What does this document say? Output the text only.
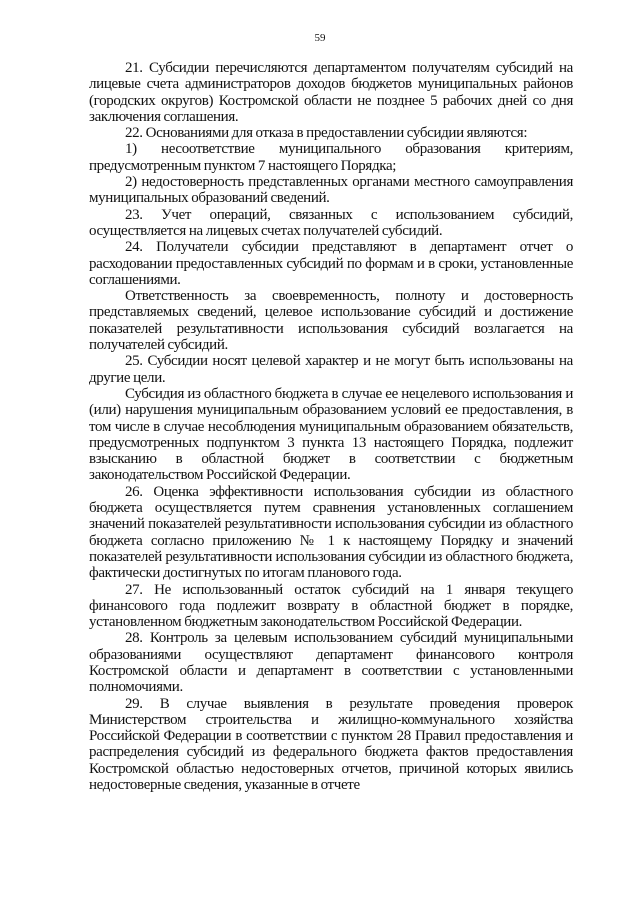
59

21. Субсидии перечисляются департаментом получателям субсидий на лицевые счета администраторов доходов бюджетов муниципальных районов (городских округов) Костромской области не позднее 5 рабочих дней со дня заключения соглашения.

22. Основаниями для отказа в предоставлении субсидии являются:

1) несоответствие муниципального образования критериям, предусмотренным пунктом 7 настоящего Порядка;

2) недостоверность представленных органами местного самоуправления муниципальных образований сведений.

23. Учет операций, связанных с использованием субсидий, осуществляется на лицевых счетах получателей субсидий.

24. Получатели субсидии представляют в департамент отчет о расходовании предоставленных субсидий по формам и в сроки, установленные соглашениями.

Ответственность за своевременность, полноту и достоверность представляемых сведений, целевое использование субсидий и достижение показателей результативности использования субсидий возлагается на получателей субсидий.

25. Субсидии носят целевой характер и не могут быть использованы на другие цели.

Субсидия из областного бюджета в случае ее нецелевого использования и (или) нарушения муниципальным образованием условий ее предоставления, в том числе в случае несоблюдения муниципальным образованием обязательств, предусмотренных подпунктом 3 пункта 13 настоящего Порядка, подлежит взысканию в областной бюджет в соответствии с бюджетным законодательством Российской Федерации.

26. Оценка эффективности использования субсидии из областного бюджета осуществляется путем сравнения установленных соглашением значений показателей результативности использования субсидии из областного бюджета согласно приложению № 1 к настоящему Порядку и значений показателей результативности использования субсидии из областного бюджета, фактически достигнутых по итогам планового года.

27. Не использованный остаток субсидий на 1 января текущего финансового года подлежит возврату в областной бюджет в порядке, установленном бюджетным законодательством Российской Федерации.

28. Контроль за целевым использованием субсидий муниципальными образованиями осуществляют департамент финансового контроля Костромской области и департамент в соответствии с установленными полномочиями.

29. В случае выявления в результате проведения проверок Министерством строительства и жилищно-коммунального хозяйства Российской Федерации в соответствии с пунктом 28 Правил предоставления и распределения субсидий из федерального бюджета фактов предоставления Костромской областью недостоверных отчетов, причиной которых явились недостоверные сведения, указанные в отчете
